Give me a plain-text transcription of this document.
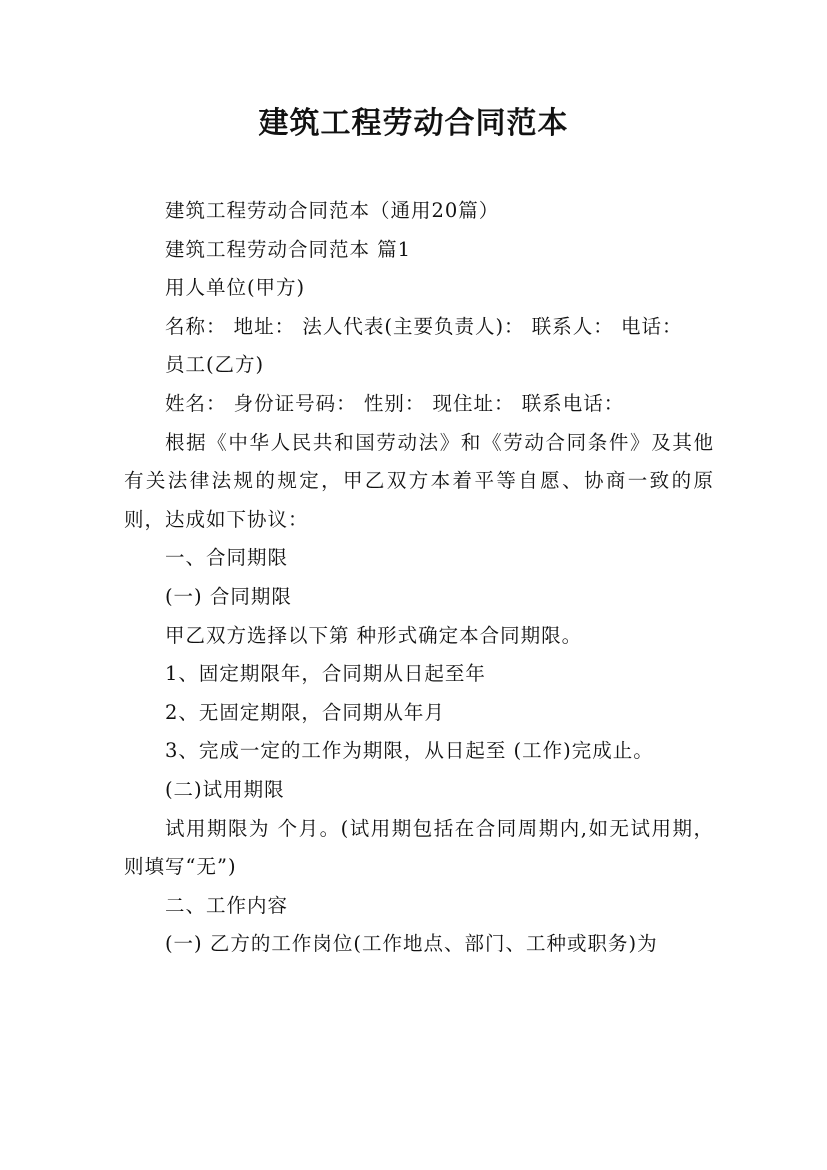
建筑工程劳动合同范本

建筑工程劳动合同范本（通用20篇）

建筑工程劳动合同范本 篇1

用人单位(甲方)

名称： 地址： 法人代表(主要负责人)： 联系人： 电话：

员工(乙方)

姓名： 身份证号码： 性别： 现住址： 联系电话：

根据《中华人民共和国劳动法》和《劳动合同条件》及其他有关法律法规的规定，甲乙双方本着平等自愿、协商一致的原则，达成如下协议：

一、合同期限

(一) 合同期限

甲乙双方选择以下第 种形式确定本合同期限。

1、固定期限年，合同期从日起至年

2、无固定期限，合同期从年月

3、完成一定的工作为期限，从日起至 (工作)完成止。

(二)试用期限

试用期限为 个月。(试用期包括在合同周期内,如无试用期，则填写“无”)

二、工作内容

(一) 乙方的工作岗位(工作地点、部门、工种或职务)为
